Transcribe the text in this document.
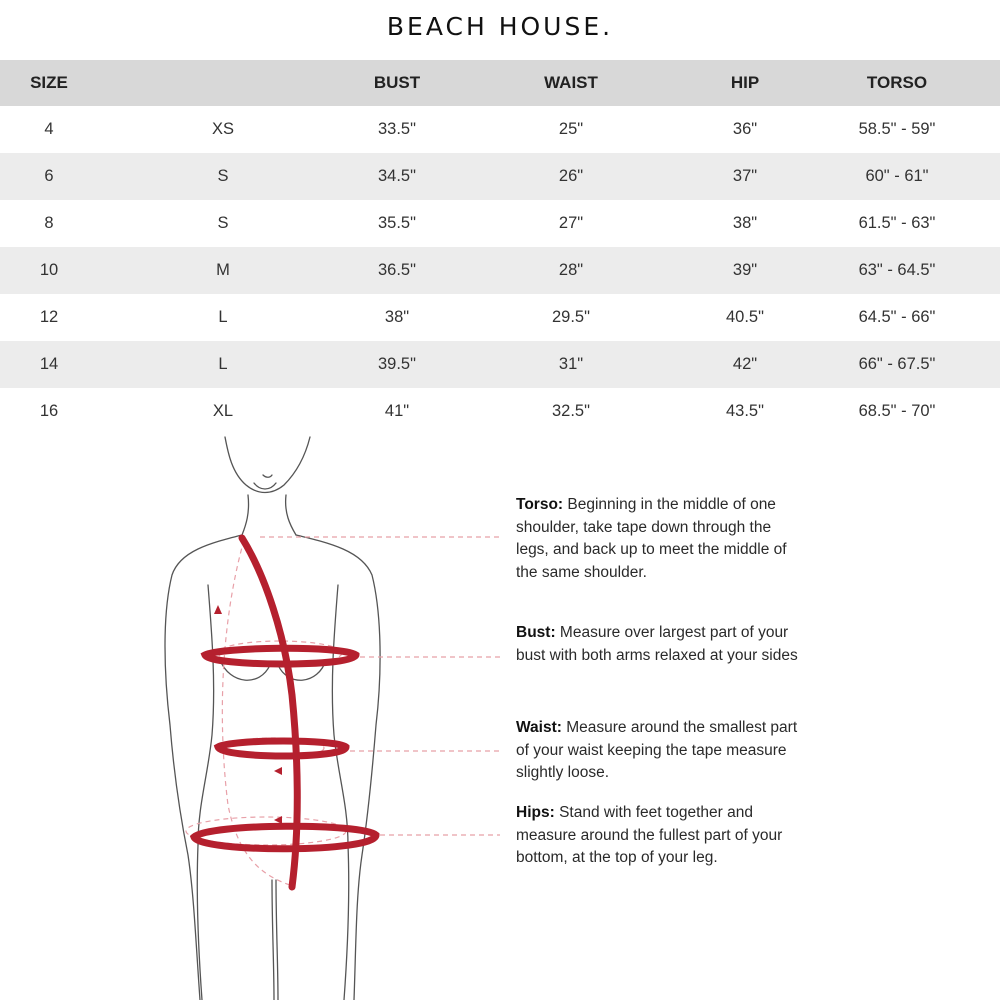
BEACH HOUSE.
SIZE		BUST	WAIST	HIP	TORSO
4	XS	33.5"	25"	36"	58.5" - 59"
6	S	34.5"	26"	37"	60" - 61"
8	S	35.5"	27"	38"	61.5" - 63"
10	M	36.5"	28"	39"	63" - 64.5"
12	L	38"	29.5"	40.5"	64.5" - 66"
14	L	39.5"	31"	42"	66" - 67.5"
16	XL	41"	32.5"	43.5"	68.5" - 70"
Torso: Beginning in the middle of one shoulder, take tape down through the legs, and back up to meet the middle of the same shoulder.
Bust: Measure over largest part of your bust with both arms relaxed at your sides
Waist: Measure around the smallest part of your waist keeping the tape measure slightly loose.
Hips: Stand with feet together and measure around the fullest part of your bottom, at the top of your leg.
